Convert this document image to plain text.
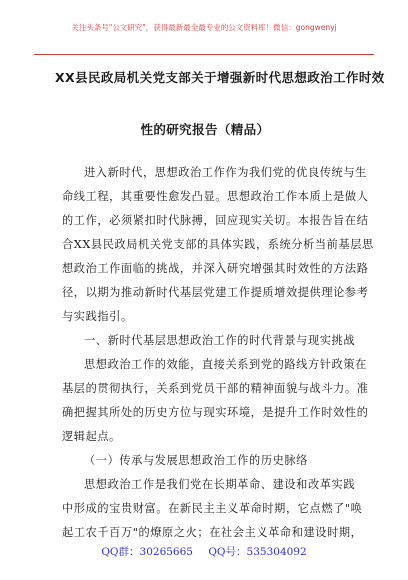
关注头条号"公文研究"，获得最新最全最专业的公文资料库！微信：gongwenyj
XX县民政局机关党支部关于增强新时代思想政治工作时效
性的研究报告（精品）
进入新时代，思想政治工作作为我们党的优良传统与生
命线工程，其重要性愈发凸显。思想政治工作本质上是做人
的工作，必须紧扣时代脉搏，回应现实关切。本报告旨在结
合XX县民政局机关党支部的具体实践，系统分析当前基层思
想政治工作面临的挑战，并深入研究增强其时效性的方法路
径，以期为推动新时代基层党建工作提质增效提供理论参考
与实践指引。
一、新时代基层思想政治工作的时代背景与现实挑战
思想政治工作的效能，直接关系到党的路线方针政策在
基层的贯彻执行，关系到党员干部的精神面貌与战斗力。准
确把握其所处的历史方位与现实环境，是提升工作时效性的
逻辑起点。
（一）传承与发展思想政治工作的历史脉络
思想政治工作是我们党在长期革命、建设和改革实践
中形成的宝贵财富。在新民主主义革命时期，它点燃了"唤
起工农千百万"的燎原之火；在社会主义革命和建设时期，
QQ群：30265665 QQ号：535304092
